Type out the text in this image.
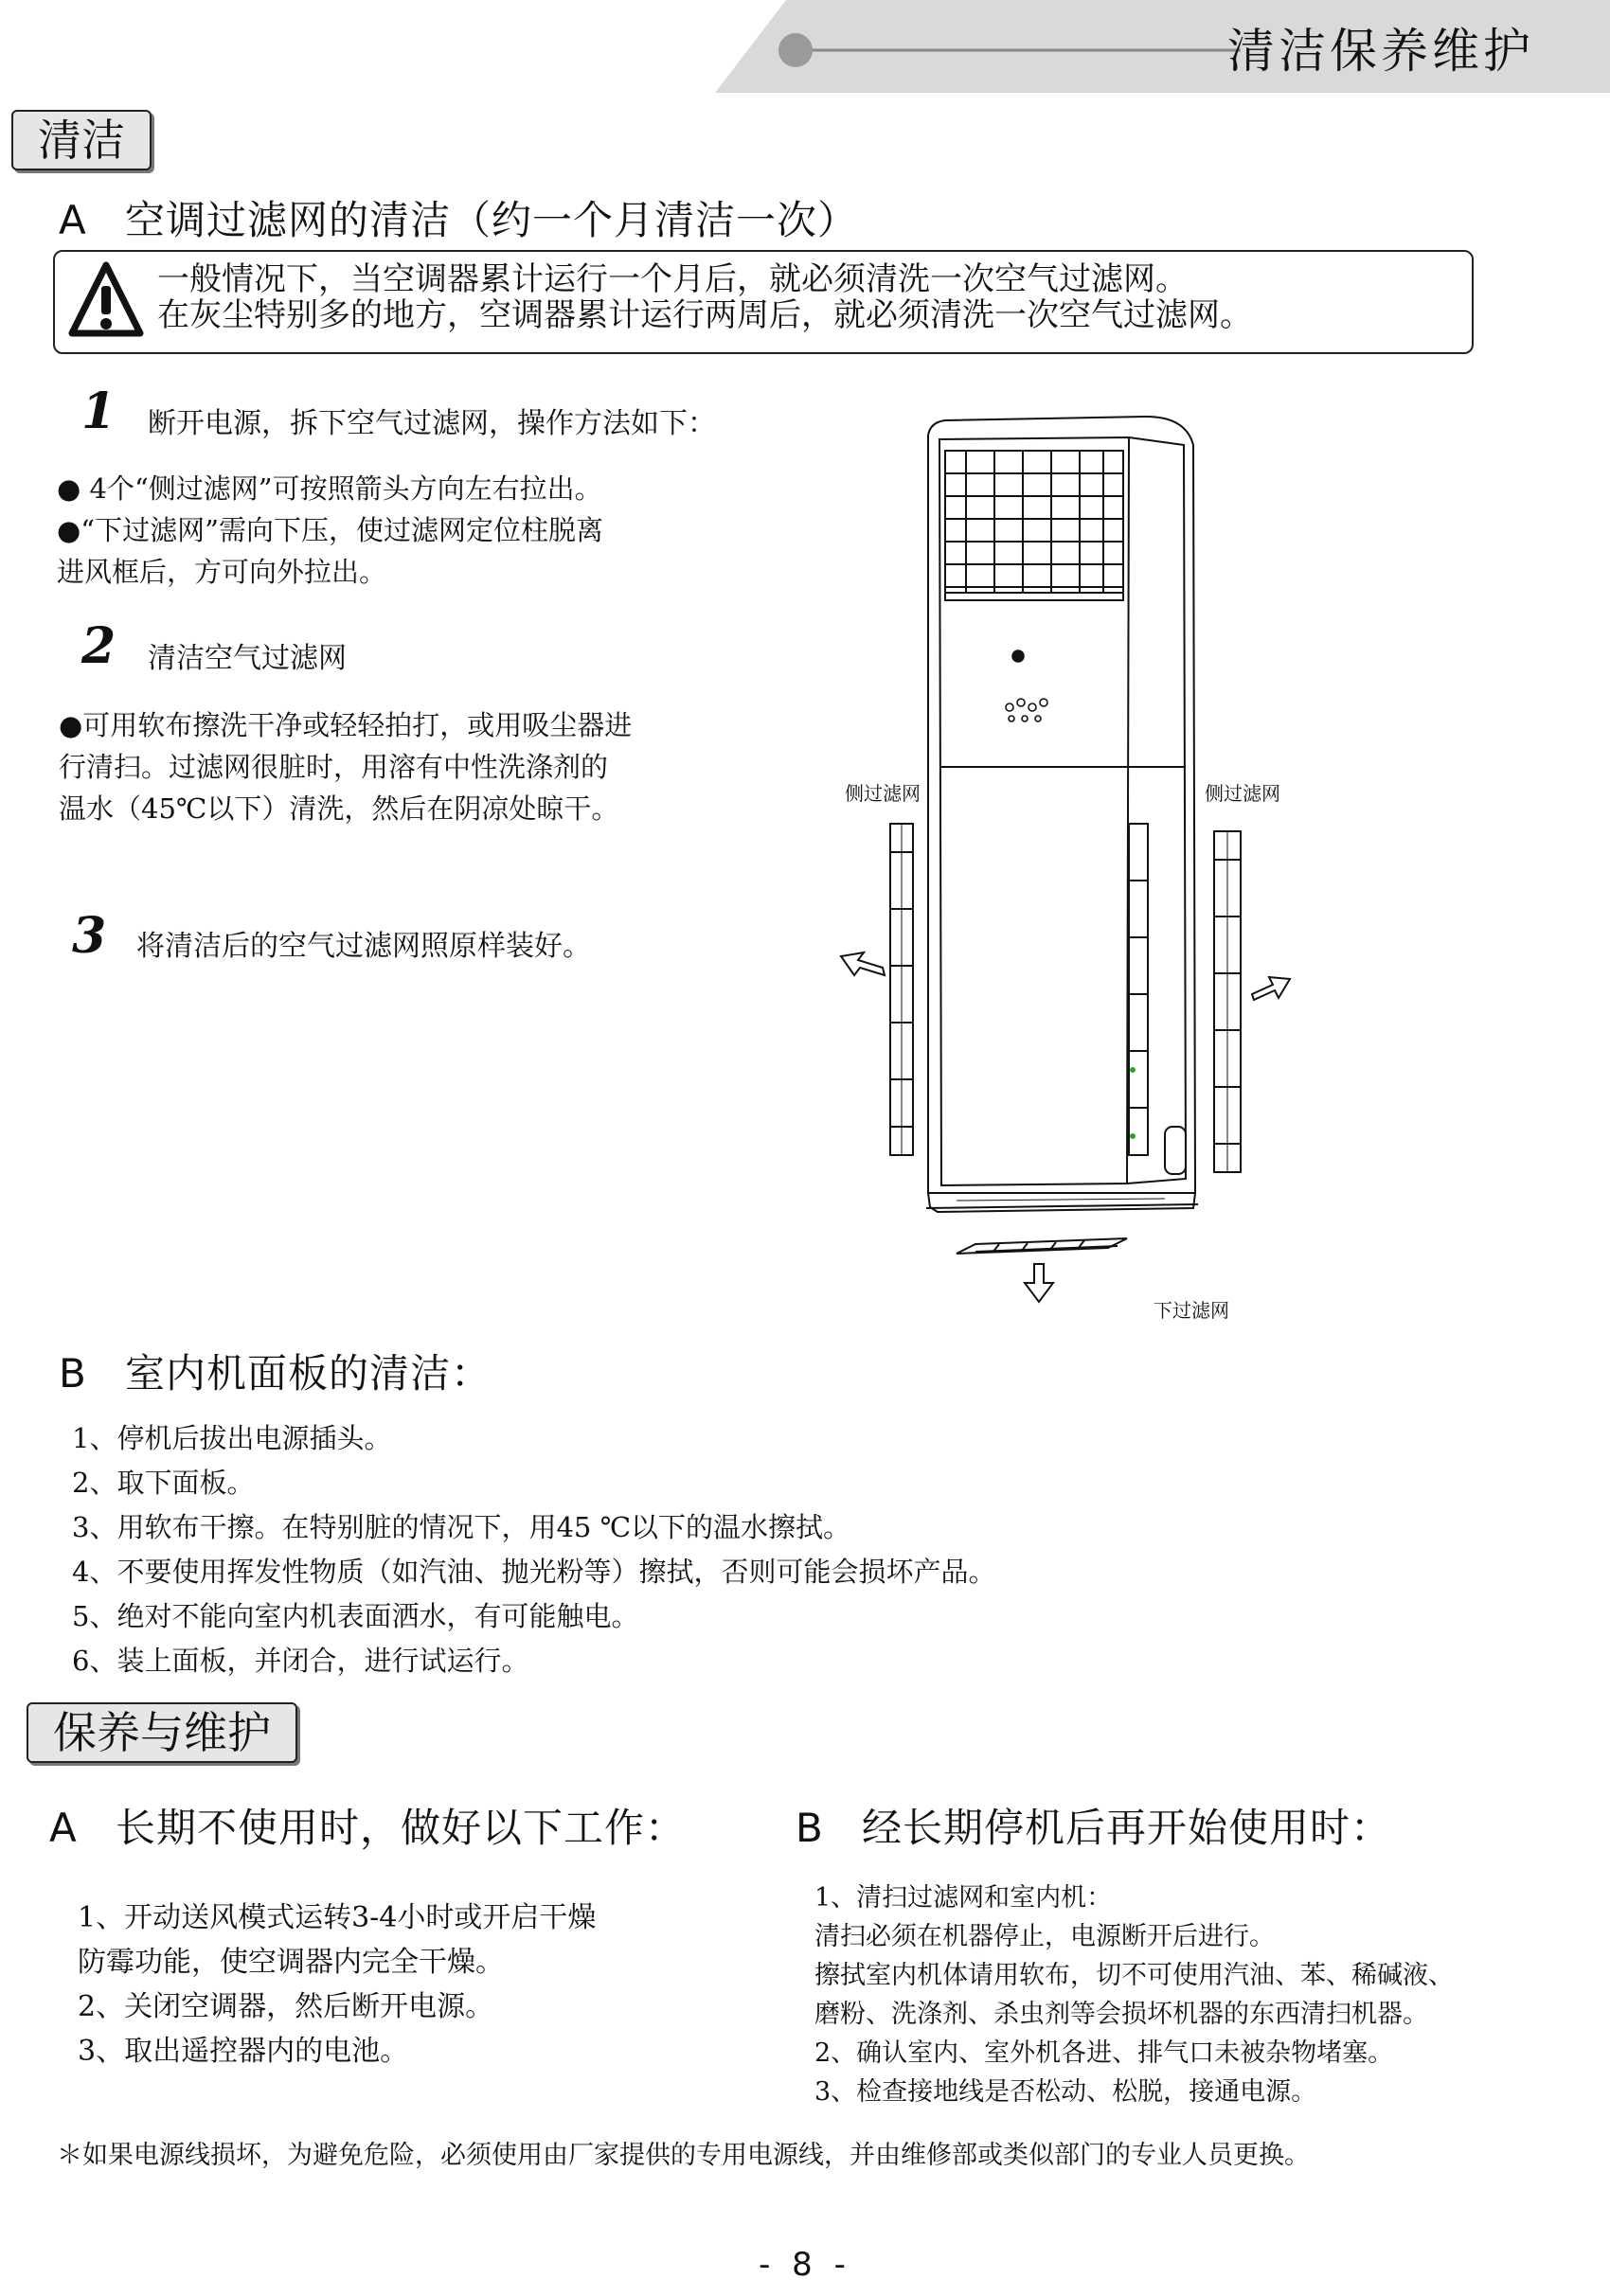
清洁保养维护
清洁
A 空调过滤网的清洁（约一个月清洁一次）
一般情况下，当空调器累计运行一个月后，就必须清洗一次空气过滤网。
在灰尘特别多的地方，空调器累计运行两周后，就必须清洗一次空气过滤网。
1 断开电源，拆下空气过滤网，操作方法如下：
● 4个“侧过滤网”可按照箭头方向左右拉出。
●“下过滤网”需向下压，使过滤网定位柱脱离
进风框后，方可向外拉出。
2 清洁空气过滤网
●可用软布擦洗干净或轻轻拍打，或用吸尘器进
行清扫。过滤网很脏时，用溶有中性洗涤剂的
温水（45℃以下）清洗，然后在阴凉处晾干。
3 将清洁后的空气过滤网照原样装好。
侧过滤网	侧过滤网
下过滤网
B 室内机面板的清洁：
1、停机后拔出电源插头。
2、取下面板。
3、用软布干擦。在特别脏的情况下，用45 ℃以下的温水擦拭。
4、不要使用挥发性物质（如汽油、抛光粉等）擦拭，否则可能会损坏产品。
5、绝对不能向室内机表面洒水，有可能触电。
6、装上面板，并闭合，进行试运行。
保养与维护
A 长期不使用时，做好以下工作：
1、开动送风模式运转3-4小时或开启干燥
防霉功能，使空调器内完全干燥。
2、关闭空调器，然后断开电源。
3、取出遥控器内的电池。
B 经长期停机后再开始使用时：
1、清扫过滤网和室内机：
清扫必须在机器停止，电源断开后进行。
擦拭室内机体请用软布，切不可使用汽油、苯、稀碱液、
磨粉、洗涤剂、杀虫剂等会损坏机器的东西清扫机器。
2、确认室内、室外机各进、排气口未被杂物堵塞。
3、检查接地线是否松动、松脱，接通电源。
＊如果电源线损坏，为避免危险，必须使用由厂家提供的专用电源线，并由维修部或类似部门的专业人员更换。
- 8 -
